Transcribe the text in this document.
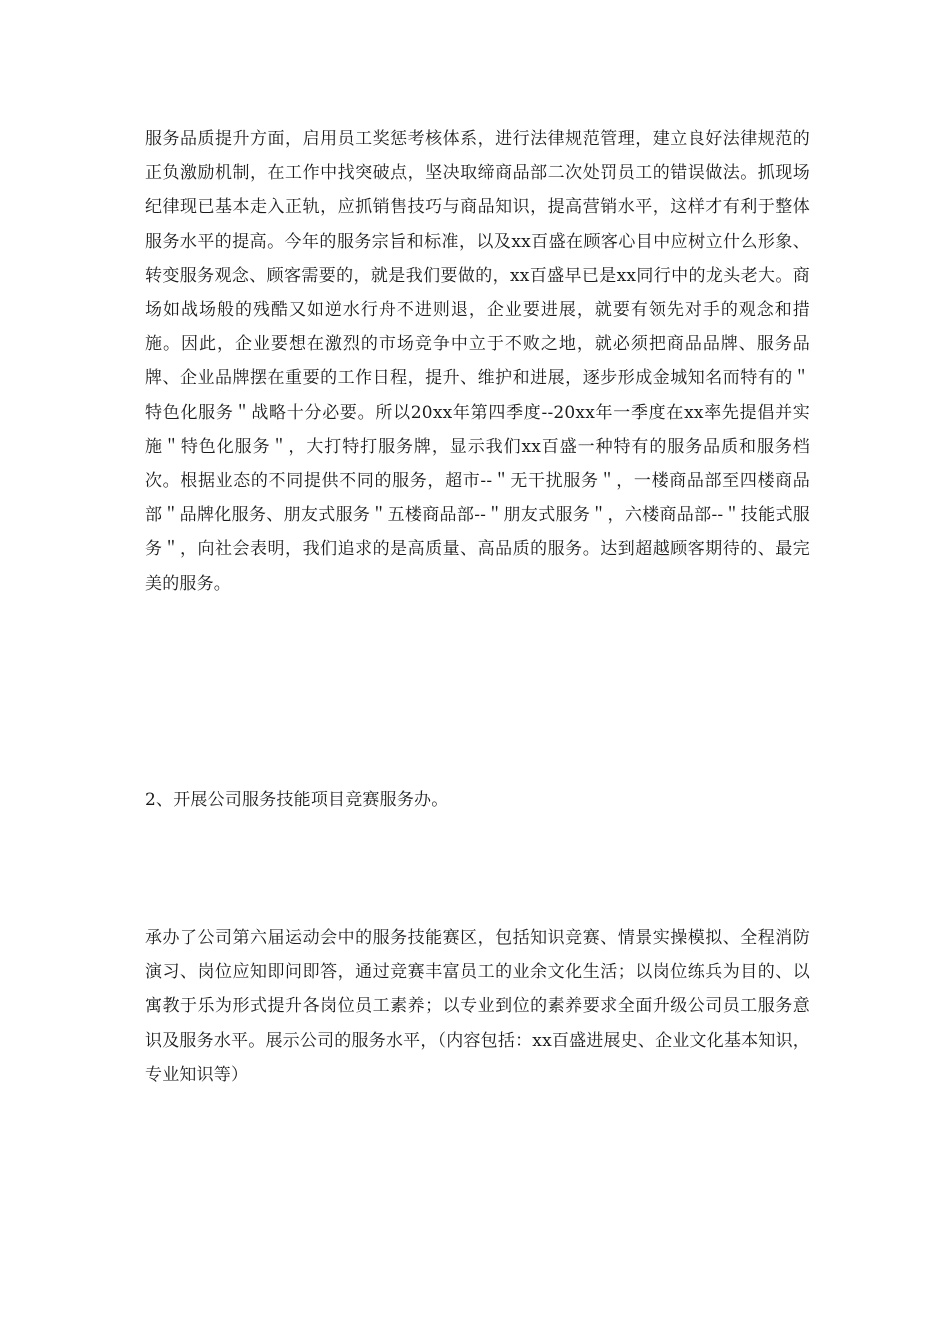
服务品质提升方面，启用员工奖惩考核体系，进行法律规范管理，建立良好法律规范的正负激励机制，在工作中找突破点，坚决取缔商品部二次处罚员工的错误做法。抓现场纪律现已基本走入正轨，应抓销售技巧与商品知识，提高营销水平，这样才有利于整体服务水平的提高。今年的服务宗旨和标准，以及xx百盛在顾客心目中应树立什么形象、转变服务观念、顾客需要的，就是我们要做的，xx百盛早已是xx同行中的龙头老大。商场如战场般的残酷又如逆水行舟不进则退，企业要进展，就要有领先对手的观念和措施。因此，企业要想在激烈的市场竞争中立于不败之地，就必须把商品品牌、服务品牌、企业品牌摆在重要的工作日程，提升、维护和进展，逐步形成金城知名而特有的＂特色化服务＂战略十分必要。所以20xx年第四季度--20xx年一季度在xx率先提倡并实施＂特色化服务＂，大打特打服务牌，显示我们xx百盛一种特有的服务品质和服务档次。根据业态的不同提供不同的服务，超市--＂无干扰服务＂，一楼商品部至四楼商品部＂品牌化服务、朋友式服务＂五楼商品部--＂朋友式服务＂，六楼商品部--＂技能式服务＂，向社会表明，我们追求的是高质量、高品质的服务。达到超越顾客期待的、最完美的服务。

2、开展公司服务技能项目竞赛服务办。

承办了公司第六届运动会中的服务技能赛区，包括知识竞赛、情景实操模拟、全程消防演习、岗位应知即问即答，通过竞赛丰富员工的业余文化生活；以岗位练兵为目的、以寓教于乐为形式提升各岗位员工素养；以专业到位的素养要求全面升级公司员工服务意识及服务水平。展示公司的服务水平，（内容包括：xx百盛进展史、企业文化基本知识，专业知识等）
